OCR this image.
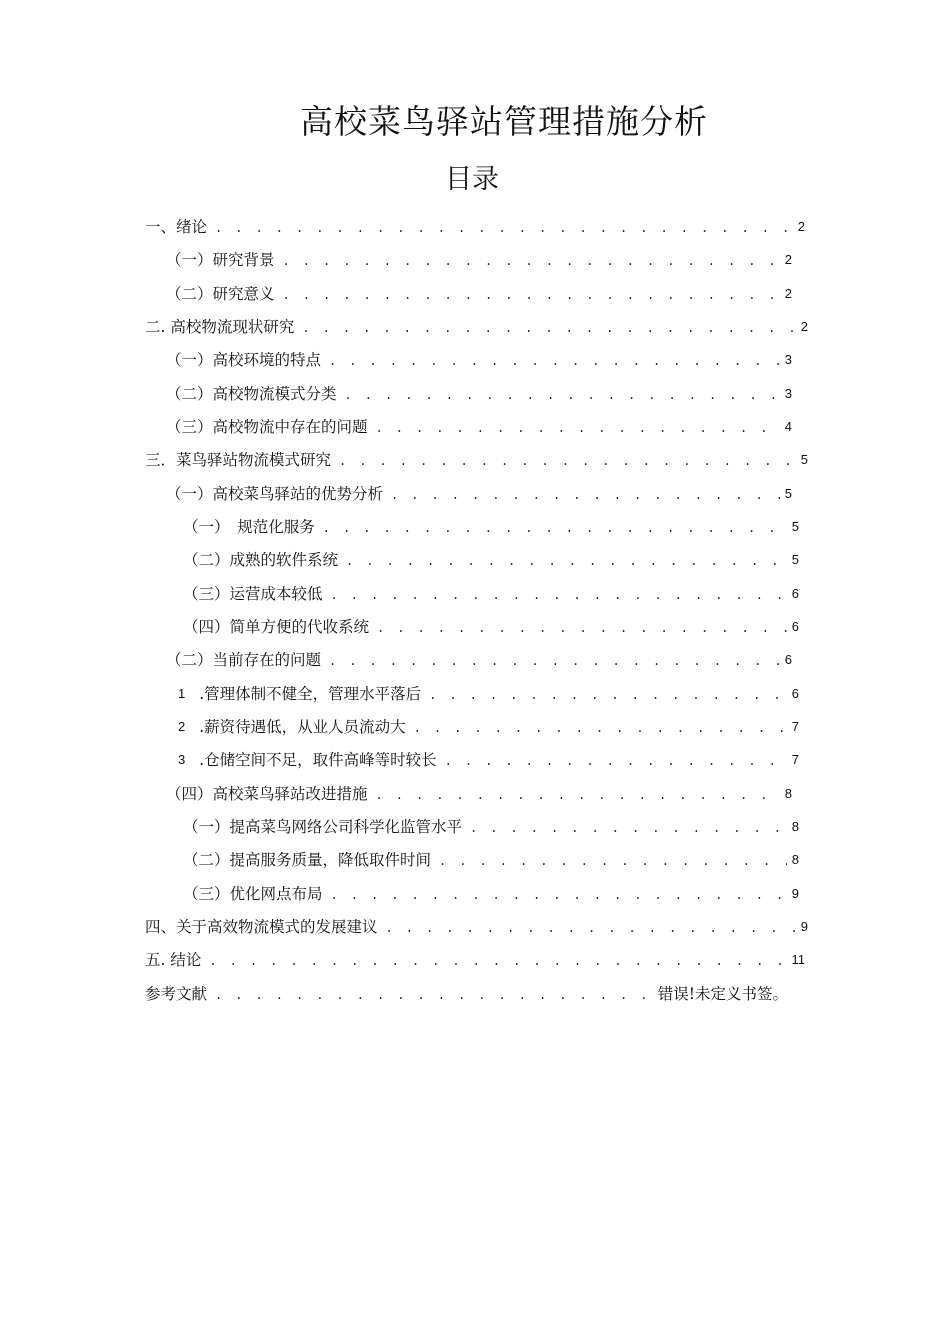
高校菜鸟驿站管理措施分析
目录
一、绪论 . . .	2
（一）研究背景 . . .	2
（二）研究意义 . . .	2
二. 高校物流现状研究 . . .	2
（一）高校环境的特点 . . .	3
（二）高校物流模式分类 . . .	3
（三）高校物流中存在的问题 . . .	4
三．菜鸟驿站物流模式研究 . . .	5
（一）高校菜鸟驿站的优势分析 . . .	5
（一）　规范化服务 . . .	5
（二）成熟的软件系统 . . .	5
（三）运营成本较低 . . .	6
（四）简单方便的代收系统 . . .	6
（二）当前存在的问题 . . .	6
1 .管理体制不健全，管理水平落后 . . .	6
2 .薪资待遇低，从业人员流动大 . . .	7
3 .仓储空间不足，取件高峰等时较长 . . .	7
（四）高校菜鸟驿站改进措施 . . .	8
（一）提高菜鸟网络公司科学化监管水平 . . .	8
（二）提高服务质量，降低取件时间 . . .	8
（三）优化网点布局 . . .	9
四、关于高效物流模式的发展建议 . . .	9
五. 结论 . . .	11
参考文献 . . .	错误!未定义书签。
